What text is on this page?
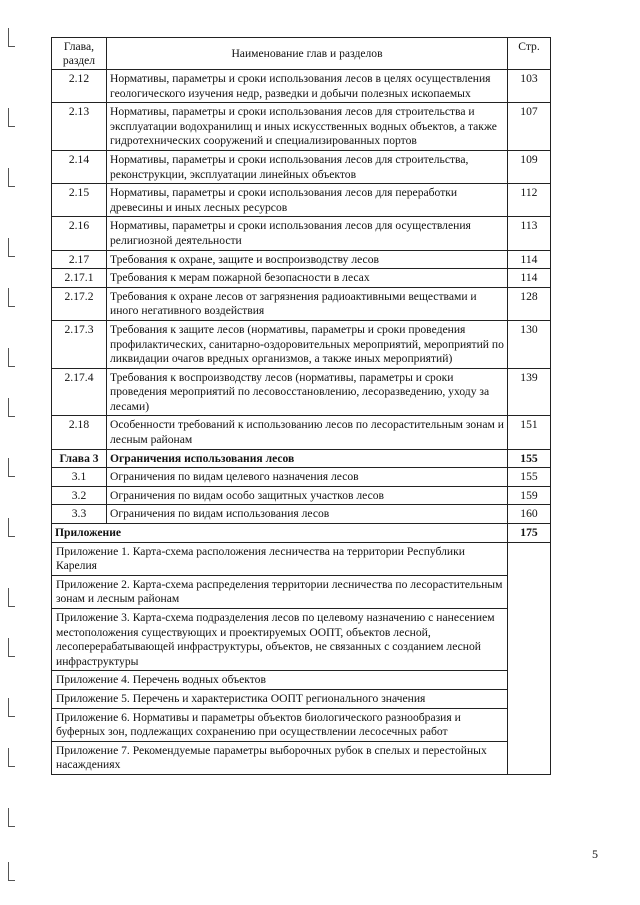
Глава, раздел	Наименование глав и разделов	Стр.
2.12	Нормативы, параметры и сроки использования лесов в целях осуществления геологического изучения недр, разведки и добычи полезных ископаемых	103
2.13	Нормативы, параметры и сроки использования лесов для строительства и эксплуатации водохранилищ и иных искусственных водных объектов, а также гидротехнических сооружений и специализированных портов	107
2.14	Нормативы, параметры и сроки использования лесов для строительства, реконструкции, эксплуатации линейных объектов	109
2.15	Нормативы, параметры и сроки использования лесов для переработки древесины и иных лесных ресурсов	112
2.16	Нормативы, параметры и сроки использования лесов для осуществления религиозной деятельности	113
2.17	Требования к охране, защите и воспроизводству лесов	114
2.17.1	Требования к мерам пожарной безопасности в лесах	114
2.17.2	Требования к охране лесов от загрязнения радиоактивными веществами и иного негативного воздействия	128
2.17.3	Требования к защите лесов (нормативы, параметры и сроки проведения профилактических, санитарно-оздоровительных мероприятий, мероприятий по ликвидации очагов вредных организмов, а также иных мероприятий)	130
2.17.4	Требования к воспроизводству лесов (нормативы, параметры и сроки проведения мероприятий по лесовосстановлению, лесоразведению, уходу за лесами)	139
2.18	Особенности требований к использованию лесов по лесорастительным зонам и лесным районам	151
Глава 3	Ограничения использования лесов	155
3.1	Ограничения по видам целевого назначения лесов	155
3.2	Ограничения по видам особо защитных участков лесов	159
3.3	Ограничения по видам использования лесов	160
Приложение		175
Приложение 1. Карта-схема расположения лесничества на территории Республики Карелия		
Приложение 2. Карта-схема распределения территории лесничества по лесорастительным зонам и лесным районам		
Приложение 3. Карта-схема подразделения лесов по целевому назначению с нанесением местоположения существующих и проектируемых ООПТ, объектов лесной, лесоперерабатывающей инфраструктуры, объектов, не связанных с созданием лесной инфраструктуры		
Приложение 4. Перечень водных объектов		
Приложение 5. Перечень и характеристика ООПТ регионального значения		
Приложение 6. Нормативы и параметры объектов биологического разнообразия и буферных зон, подлежащих сохранению при осуществлении лесосечных работ		
Приложение 7. Рекомендуемые параметры выборочных рубок в спелых и перестойных насаждениях		
5
